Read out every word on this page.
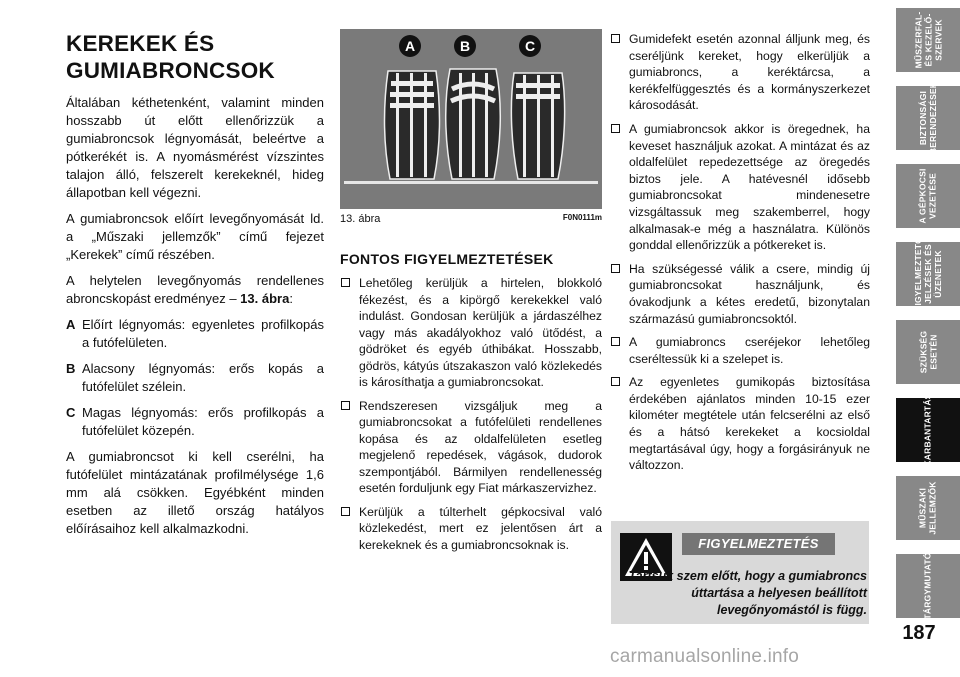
KEREKEK ÉS
GUMIABRONCSOK

Általában kéthetenként, valamint minden hosszabb út előtt ellenőrizzük a gumiabroncsok légnyomását, beleértve a pótkerékét is. A nyomásmérést vízszintes talajon álló, felszerelt kerekeknél, hideg állapotban kell végezni.

A gumiabroncsok előírt levegőnyomását ld. a „Műszaki jellemzők” című fejezet „Kerekek” című részében.

A helytelen levegőnyomás rendellenes abroncskopást eredményez – 13. ábra:

A Előírt légnyomás: egyenletes profilkopás a futófelületen.
B Alacsony légnyomás: erős kopás a futófelület szélein.
C Magas légnyomás: erős profilkopás a futófelület közepén.

A gumiabroncsot ki kell cserélni, ha futófelület mintázatának profilmélysége 1,6 mm alá csökken. Egyébként minden esetben az illető ország hatályos előírásaihoz kell alkalmazkodni.

A	B	C
13. ábra	F0N0111m
FONTOS FIGYELMEZTETÉSEK
Lehetőleg kerüljük a hirtelen, blokkoló fékezést, és a kipörgő kerekekkel való indulást. Gondosan kerüljük a járdaszélhez vagy más akadályokhoz való ütődést, a gödröket és egyéb úthibákat. Hosszabb, gödrös, kátyús útszakaszon való közlekedés is károsíthatja a gumiabroncsokat.
Rendszeresen vizsgáljuk meg a gumiabroncsokat a futófelületi rendellenes kopása és az oldalfelületen esetleg megjelenő repedések, vágások, dudorok szempontjából. Bármilyen rendellenesség esetén forduljunk egy Fiat márkaszervizhez.
Kerüljük a túlterhelt gépkocsival való közlekedést, mert ez jelentősen árt a kerekeknek és a gumiabroncsoknak is.
Gumidefekt esetén azonnal álljunk meg, és cseréljünk kereket, hogy elkerüljük a gumiabroncs, a keréktárcsa, a kerékfelfüggesztés és a kormányszerkezet károsodását.
A gumiabroncsok akkor is öregednek, ha keveset használjuk azokat. A mintázat és az oldalfelület repedezettsége az öregedés biztos jele. A hatévesnél idősebb gumiabroncsokat mindenesetre vizsgáltassuk meg szakemberrel, hogy alkalmasak-e még a használatra. Különös gonddal ellenőrizzük a pótkereket is.
Ha szükségessé válik a csere, mindig új gumiabroncsokat használjunk, és óvakodjunk a kétes eredetű, bizonytalan származású gumiabroncsoktól.
A gumiabroncs cseréjekor lehetőleg cseréltessük ki a szelepet is.
Az egyenletes gumikopás biztosítása érdekében ajánlatos minden 10-15 ezer kilométer megtétele után felcserélni az első és a hátsó kerekeket a kocsioldal megtartásával úgy, hogy a forgásirányuk ne változzon.
FIGYELMEZTETÉS
Tartsuk szem előtt, hogy a gumiabroncs úttartása a helyesen beállított levegőnyomástól is függ.
MŰSZERFAL-
ÉS KEZELŐ-
SZERVEK
BIZTONSÁGI
BERENDEZÉSEK
A GÉPKOCSI
VEZETÉSE
FIGYELMEZTETŐ
JELZÉSEK ÉS
ÜZENETEK
SZÜKSÉG
ESETÉN
KARBANTARTÁS
MŰSZAKI
JELLEMZŐK
TÁRGYMUTATÓ
187
carmanualsonline.info
